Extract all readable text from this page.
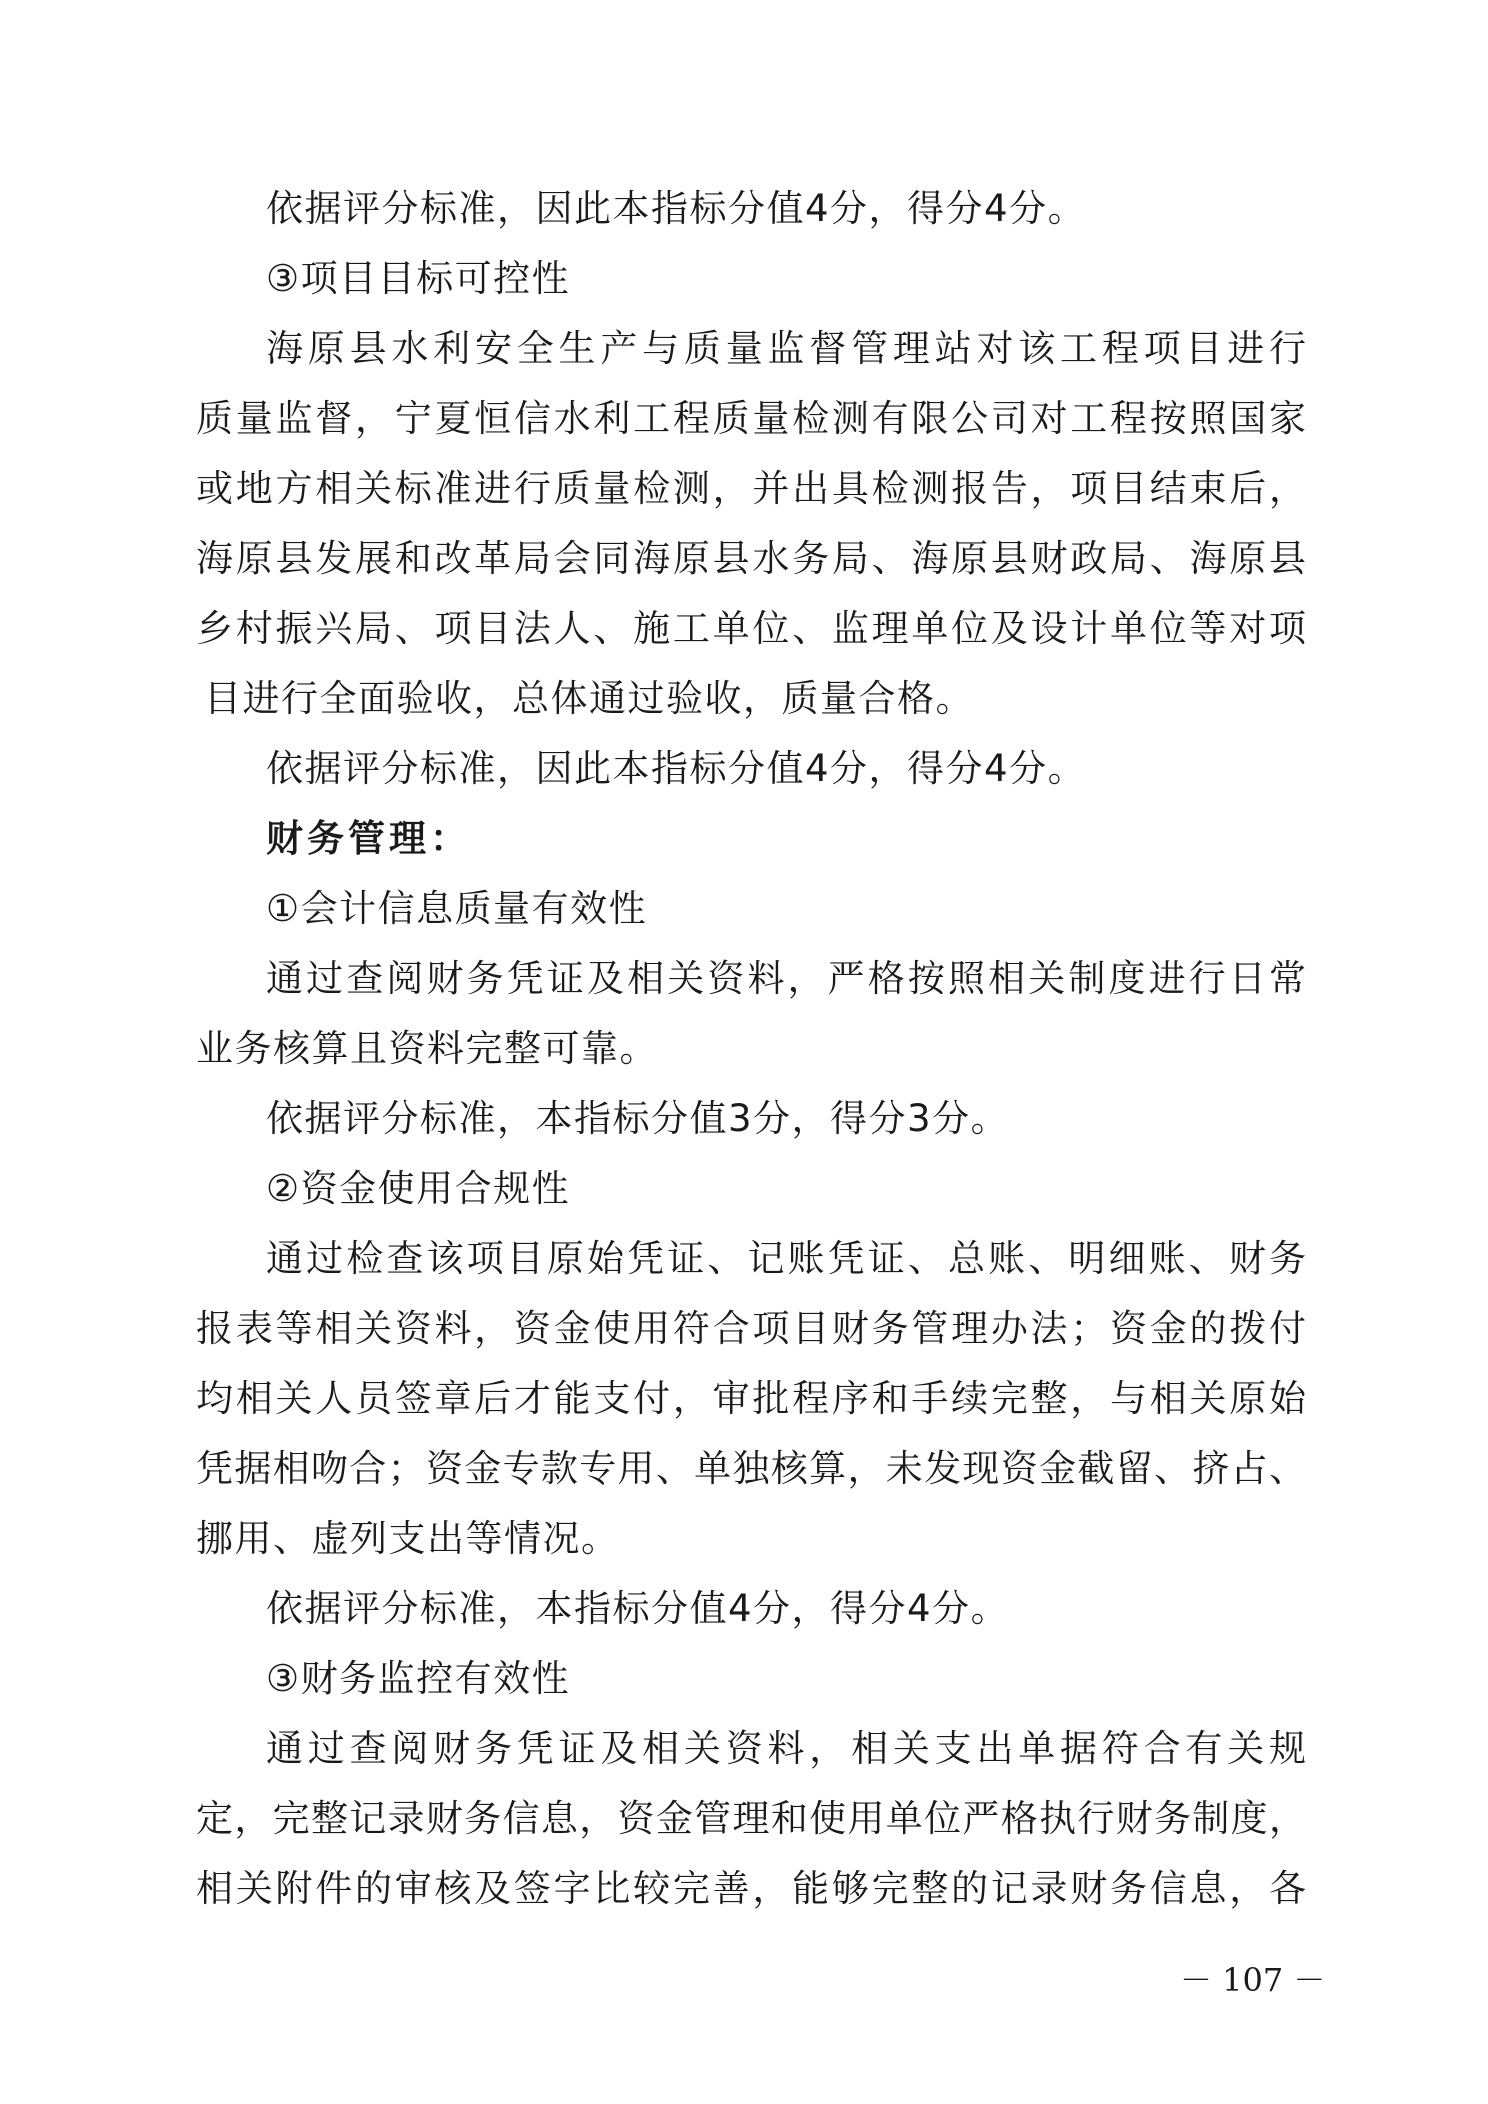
依据评分标准，因此本指标分值4分，得分4分。
③项目目标可控性
海原县水利安全生产与质量监督管理站对该工程项目进行
质量监督，宁夏恒信水利工程质量检测有限公司对工程按照国家
或地方相关标准进行质量检测，并出具检测报告，项目结束后，
海原县发展和改革局会同海原县水务局、海原县财政局、海原县
乡村振兴局、项目法人、施工单位、监理单位及设计单位等对项
目进行全面验收，总体通过验收，质量合格。
依据评分标准，因此本指标分值4分，得分4分。
财务管理：
①会计信息质量有效性
通过查阅财务凭证及相关资料，严格按照相关制度进行日常
业务核算且资料完整可靠。
依据评分标准，本指标分值3分，得分3分。
②资金使用合规性
通过检查该项目原始凭证、记账凭证、总账、明细账、财务
报表等相关资料，资金使用符合项目财务管理办法；资金的拨付
均相关人员签章后才能支付，审批程序和手续完整，与相关原始
凭据相吻合；资金专款专用、单独核算，未发现资金截留、挤占、
挪用、虚列支出等情况。
依据评分标准，本指标分值4分，得分4分。
③财务监控有效性
通过查阅财务凭证及相关资料，相关支出单据符合有关规
定，完整记录财务信息，资金管理和使用单位严格执行财务制度，
相关附件的审核及签字比较完善，能够完整的记录财务信息，各
－ 107 －
